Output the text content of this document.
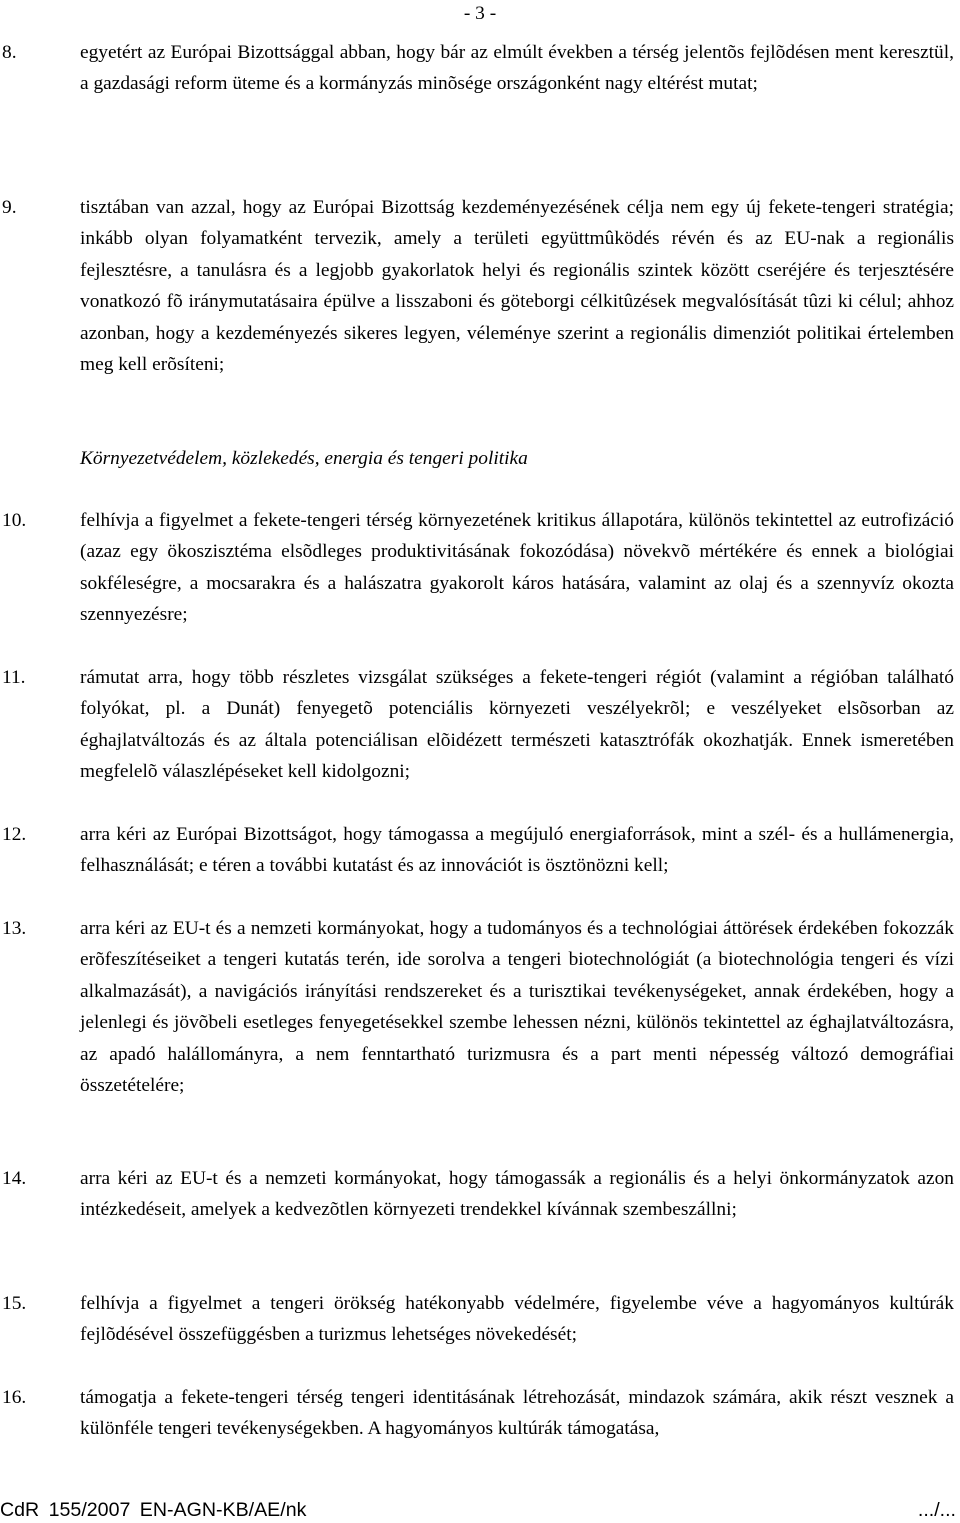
- 3 -
8.	egyetért az Európai Bizottsággal abban, hogy bár az elmúlt években a térség jelentõs fejlõdésen ment keresztül, a gazdasági reform üteme és a kormányzás minõsége országonként nagy eltérést mutat;
9.	tisztában van azzal, hogy az Európai Bizottság kezdeményezésének célja nem egy új fekete-tengeri stratégia; inkább olyan folyamatként tervezik, amely a területi együttmûködés révén és az EU-nak a regionális fejlesztésre, a tanulásra és a legjobb gyakorlatok helyi és regionális szintek között cseréjére és terjesztésére vonatkozó fõ iránymutatásaira épülve a lisszaboni és göteborgi célkitûzések megvalósítását tûzi ki célul; ahhoz azonban, hogy a kezdeményezés sikeres legyen, véleménye szerint a regionális dimenziót politikai értelemben meg kell erõsíteni;
Környezetvédelem, közlekedés, energia és tengeri politika
10.	felhívja a figyelmet a fekete-tengeri térség környezetének kritikus állapotára, különös tekintettel az eutrofizáció (azaz egy ökoszisztéma elsõdleges produktivitásának fokozódása) növekvõ mértékére és ennek a biológiai sokféleségre, a mocsarakra és a halászatra gyakorolt káros hatására, valamint az olaj és a szennyvíz okozta szennyezésre;
11.	rámutat arra, hogy több részletes vizsgálat szükséges a fekete-tengeri régiót (valamint a régióban található folyókat, pl. a Dunát) fenyegetõ potenciális környezeti veszélyekrõl; e veszélyeket elsõsorban az éghajlatváltozás és az általa potenciálisan elõidézett természeti katasztrófák okozhatják. Ennek ismeretében megfelelõ válaszlépéseket kell kidolgozni;
12.	arra kéri az Európai Bizottságot, hogy támogassa a megújuló energiaforrások, mint a szél- és a hullámenergia, felhasználását; e téren a további kutatást és az innovációt is ösztönözni kell;
13.	arra kéri az EU-t és a nemzeti kormányokat, hogy a tudományos és a technológiai áttörések érdekében fokozzák erõfeszítéseiket a tengeri kutatás terén, ide sorolva a tengeri biotechnológiát (a biotechnológia tengeri és vízi alkalmazását), a navigációs irányítási rendszereket és a turisztikai tevékenységeket, annak érdekében, hogy a jelenlegi és jövõbeli esetleges fenyegetésekkel szembe lehessen nézni, különös tekintettel az éghajlatváltozásra, az apadó halállományra, a nem fenntartható turizmusra és a part menti népesség változó demográfiai összetételére;
14.	arra kéri az EU-t és a nemzeti kormányokat, hogy támogassák a regionális és a helyi önkormányzatok azon intézkedéseit, amelyek a kedvezõtlen környezeti trendekkel kívánnak szembeszállni;
15.	felhívja a figyelmet a tengeri örökség hatékonyabb védelmére, figyelembe véve a hagyományos kultúrák fejlõdésével összefüggésben a turizmus lehetséges növekedését;
16.	támogatja a fekete-tengeri térség tengeri identitásának létrehozását, mindazok számára, akik részt vesznek a különféle tengeri tevékenységekben. A hagyományos kultúrák támogatása,
CdR 155/2007 EN-AGN-KB/AE/nk	.../...
